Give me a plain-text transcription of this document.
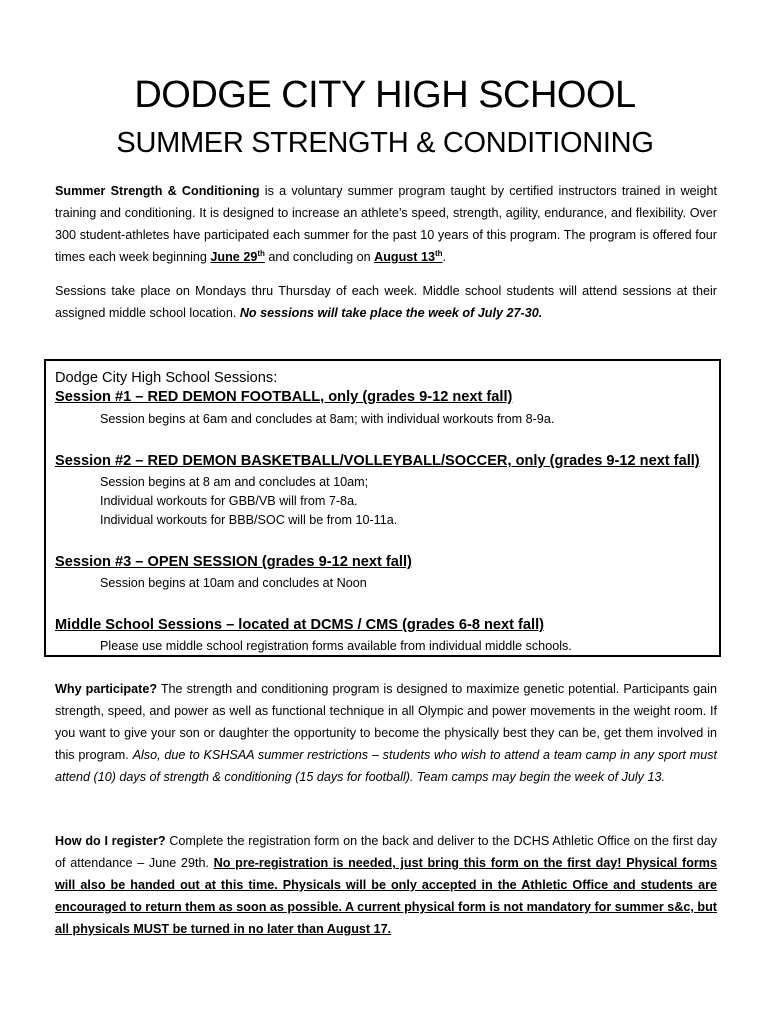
DODGE CITY HIGH SCHOOL
SUMMER STRENGTH & CONDITIONING
Summer Strength & Conditioning is a voluntary summer program taught by certified instructors trained in weight training and conditioning. It is designed to increase an athlete’s speed, strength, agility, endurance, and flexibility. Over 300 student-athletes have participated each summer for the past 10 years of this program. The program is offered four times each week beginning June 29th and concluding on August 13th.
Sessions take place on Mondays thru Thursday of each week. Middle school students will attend sessions at their assigned middle school location. No sessions will take place the week of July 27-30.
Dodge City High School Sessions:
Session #1 – RED DEMON FOOTBALL, only (grades 9-12 next fall)
Session begins at 6am and concludes at 8am; with individual workouts from 8-9a.
Session #2 – RED DEMON BASKETBALL/VOLLEYBALL/SOCCER, only (grades 9-12 next fall)
Session begins at 8 am and concludes at 10am;
Individual workouts for GBB/VB will from 7-8a.
Individual workouts for BBB/SOC will be from 10-11a.
Session #3 – OPEN SESSION (grades 9-12 next fall)
Session begins at 10am and concludes at Noon
Middle School Sessions – located at DCMS / CMS (grades 6-8 next fall)
Please use middle school registration forms available from individual middle schools.
Why participate? The strength and conditioning program is designed to maximize genetic potential. Participants gain strength, speed, and power as well as functional technique in all Olympic and power movements in the weight room. If you want to give your son or daughter the opportunity to become the physically best they can be, get them involved in this program. Also, due to KSHSAA summer restrictions – students who wish to attend a team camp in any sport must attend (10) days of strength & conditioning (15 days for football). Team camps may begin the week of July 13.
How do I register? Complete the registration form on the back and deliver to the DCHS Athletic Office on the first day of attendance – June 29th. No pre-registration is needed, just bring this form on the first day! Physical forms will also be handed out at this time. Physicals will be only accepted in the Athletic Office and students are encouraged to return them as soon as possible. A current physical form is not mandatory for summer s&c, but all physicals MUST be turned in no later than August 17.
